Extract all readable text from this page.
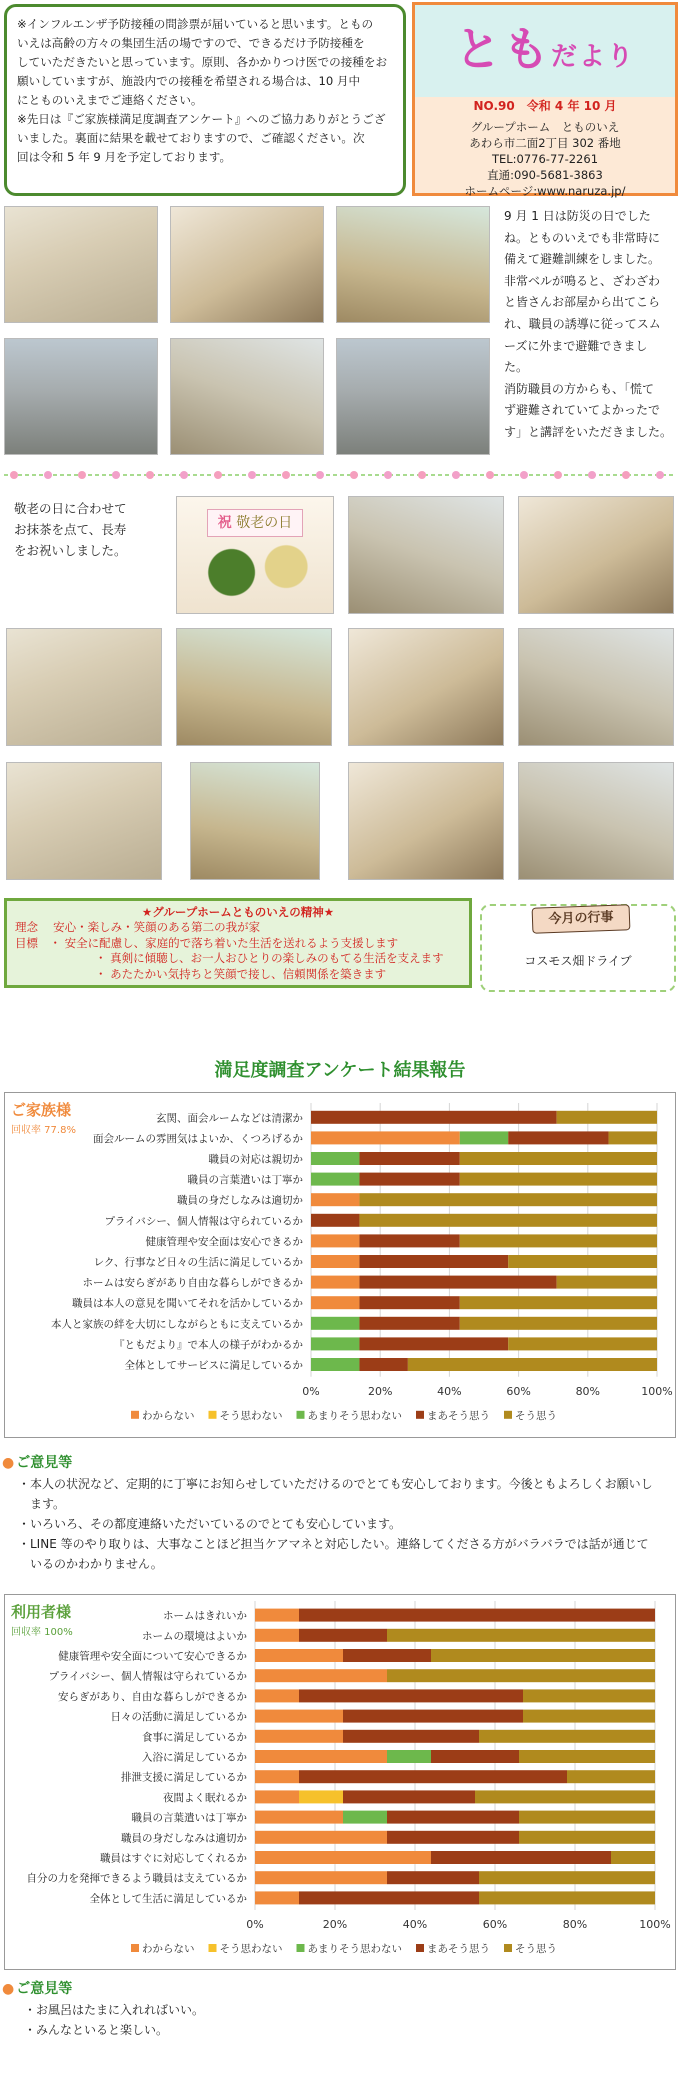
※インフルエンザ予防接種の問診票が届いていると思います。ともの

いえは高齢の方々の集団生活の場ですので、できるだけ予防接種を

していただきたいと思っています。原則、各かかりつけ医での接種をお

願いしていますが、施設内での接種を希望される場合は、10 月中

にとものいえまでご連絡ください。

※先日は『ご家族様満足度調査アンケート』へのご協力ありがとうござ

いました。裏面に結果を載せておりますので、ご確認ください。次

回は令和 5 年 9 月を予定しております。

ともだより
NO.90　令和 4 年 10 月
グループホーム　とものいえ
あわら市二面2丁目 302 番地
TEL:0776-77-2261
直通:090-5681-3863
ホームページ:www.naruza.jp/
9 月 1 日は防災の日でした
ね。とものいえでも非常時に
備えて避難訓練をしました。
非常ベルが鳴ると、ざわざわ
と皆さんお部屋から出てこら
れ、職員の誘導に従ってスム
ーズに外まで避難できまし
た。
消防職員の方からも、「慌て
ず避難されていてよかったで
す」と講評をいただきました。
敬老の日に合わせて
お抹茶を点て、長寿
をお祝いしました。
祝 敬老の日
★グループホームとものいえの精神★
理念　 安心・楽しみ・笑顔のある第二の我が家
目標　 ・ 安全に配慮し、家庭的で落ち着いた生活を送れるよう支援します
・ 真剣に傾聴し、お一人おひとりの楽しみのもてる生活を支えます
・ あたたかい気持ちと笑顔で接し、信頼関係を築きます
今月の行事
コスモス畑ドライブ
満足度調査アンケート結果報告
ご家族様
回収率 77.8%
0%	20%	40%	60%	80%	100%
玄関、面会ルームなどは清潔か
面会ルームの雰囲気はよいか、くつろげるか
職員の対応は親切か
職員の言葉遣いは丁寧か
職員の身だしなみは適切か
プライバシー、個人情報は守られているか
健康管理や安全面は安心できるか
レク、行事など日々の生活に満足しているか
ホームは安らぎがあり自由な暮らしができるか
職員は本人の意見を聞いてそれを活かしているか
本人と家族の絆を大切にしながらともに支えているか
『ともだより』で本人の様子がわかるか
全体としてサービスに満足しているか
わからない そう思わない あまりそう思わない まあそう思う そう思う
● ご意見等
・本人の状況など、定期的に丁寧にお知らせしていただけるのでとても安心しております。今後ともよろしくお願いし
　ます。
・いろいろ、その都度連絡いただいているのでとても安心しています。
・LINE 等のやり取りは、大事なことほど担当ケアマネと対応したい。連絡してくださる方がバラバラでは話が通じて
　いるのかわかりません。
利用者様
回収率 100%
0%	20%	40%	60%	80%	100%
ホームはきれいか
ホームの環境はよいか
健康管理や安全面について安心できるか
プライバシー、個人情報は守られているか
安らぎがあり、自由な暮らしができるか
日々の活動に満足しているか
食事に満足しているか
入浴に満足しているか
排泄支援に満足しているか
夜間よく眠れるか
職員の言葉遣いは丁寧か
職員の身だしなみは適切か
職員はすぐに対応してくれるか
自分の力を発揮できるよう職員は支えているか
全体として生活に満足しているか
わからない そう思わない あまりそう思わない まあそう思う そう思う
● ご意見等
・お風呂はたまに入れればいい。
・みんなといると楽しい。
